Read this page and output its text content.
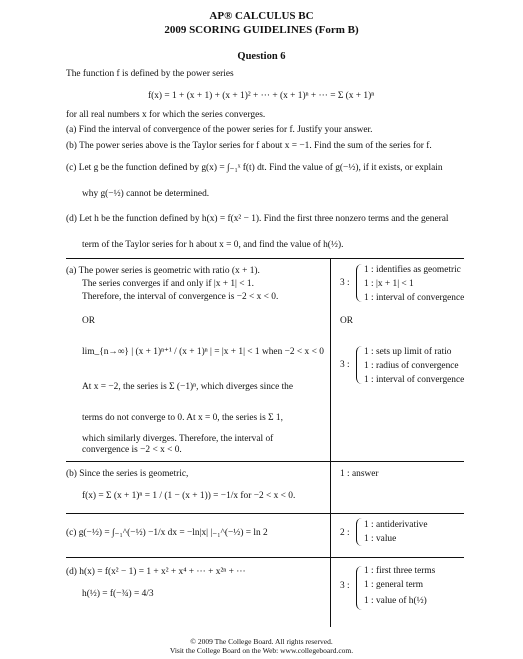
AP® CALCULUS BC
2009 SCORING GUIDELINES (Form B)
Question 6
The function f is defined by the power series
f(x) = 1 + (x + 1) + (x + 1)² + ··· + (x + 1)ⁿ + ··· = Σ (x + 1)ⁿ
for all real numbers x for which the series converges.
(a) Find the interval of convergence of the power series for f. Justify your answer.
(b) The power series above is the Taylor series for f about x = −1. Find the sum of the series for f.
(c) Let g be the function defined by g(x) = ∫₋₁ˣ f(t) dt. Find the value of g(−½), if it exists, or explain
why g(−½) cannot be determined.
(d) Let h be the function defined by h(x) = f(x² − 1). Find the first three nonzero terms and the general
term of the Taylor series for h about x = 0, and find the value of h(½).
(a) The power series is geometric with ratio (x + 1).
The series converges if and only if |x + 1| < 1.
Therefore, the interval of convergence is −2 < x < 0.
OR
lim_{n→∞} | (x + 1)ⁿ⁺¹ / (x + 1)ⁿ | = |x + 1| < 1 when −2 < x < 0
At x = −2, the series is Σ (−1)ⁿ, which diverges since the
terms do not converge to 0. At x = 0, the series is Σ 1,
which similarly diverges. Therefore, the interval of
convergence is −2 < x < 0.
3 :
1 : identifies as geometric
1 : |x + 1| < 1
1 : interval of convergence
OR
3 :
1 : sets up limit of ratio
1 : radius of convergence
1 : interval of convergence
(b) Since the series is geometric,
f(x) = Σ (x + 1)ⁿ = 1 / (1 − (x + 1)) = −1/x for −2 < x < 0.
1 : answer
(c) g(−½) = ∫₋₁^(−½) −1/x dx = −ln|x| |₋₁^(−½) = ln 2	2 :
1 : antiderivative
1 : value
(d) h(x) = f(x² − 1) = 1 + x² + x⁴ + ··· + x²ⁿ + ···
h(½) = f(−¾) = 4/3
3 :
1 : first three terms
1 : general term
1 : value of h(½)
© 2009 The College Board. All rights reserved.
Visit the College Board on the Web: www.collegeboard.com.
